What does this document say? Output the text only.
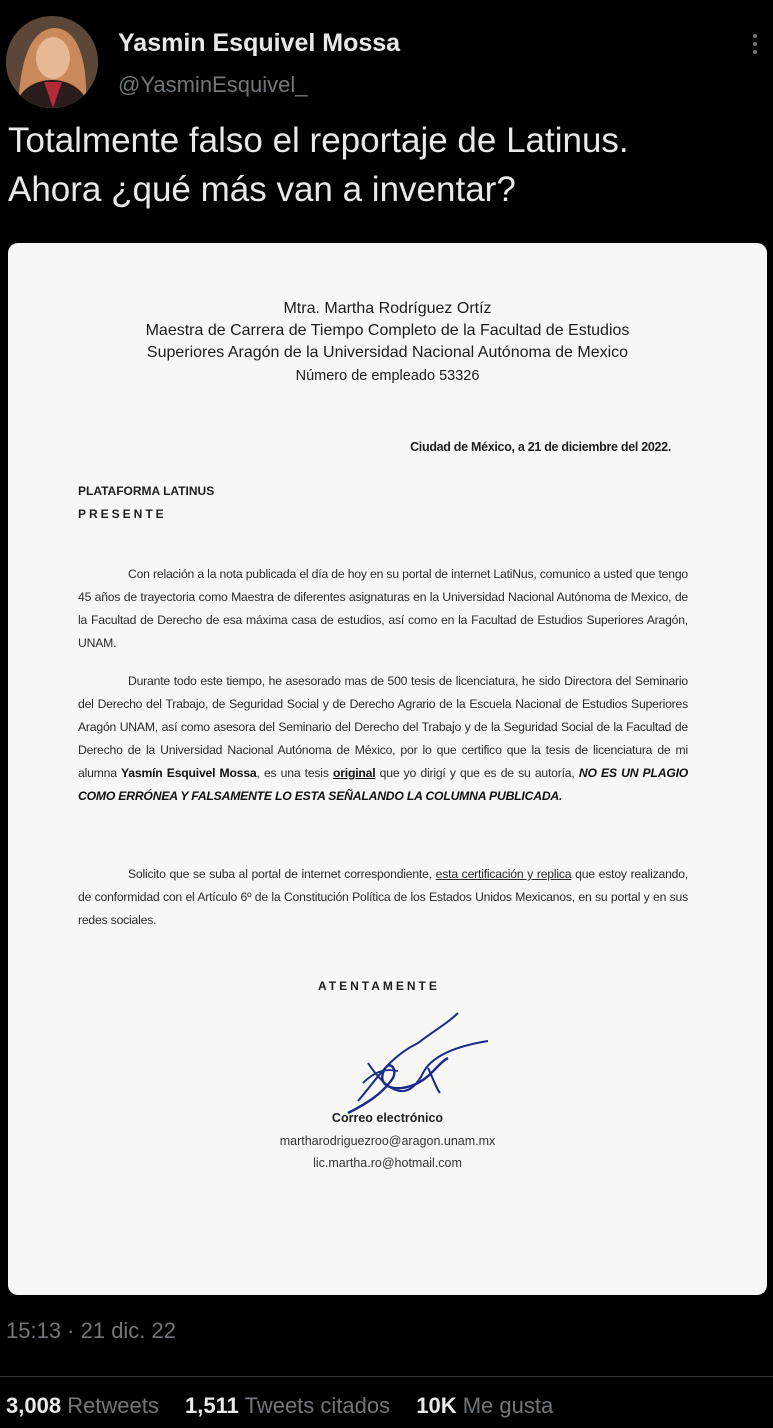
Yasmin Esquivel Mossa
@YasminEsquivel_
Totalmente falso el reportaje de Latinus.
Ahora ¿qué más van a inventar?
Mtra. Martha Rodríguez Ortíz
Maestra de Carrera de Tiempo Completo de la Facultad de Estudios
Superiores Aragón de la Universidad Nacional Autónoma de Mexico
Número de empleado 53326
Ciudad de México, a 21 de diciembre del 2022.
PLATAFORMA LATINUS
PRESENTE
Con relación a la nota publicada el día de hoy en su portal de internet LatiNus, comunico a usted que tengo 45 años de trayectoria como Maestra de diferentes asignaturas en la Universidad Nacional Autónoma de Mexico, de la Facultad de Derecho de esa máxima casa de estudios, así como en la Facultad de Estudios Superiores Aragón, UNAM.
Durante todo este tiempo, he asesorado mas de 500 tesis de licenciatura, he sido Directora del Seminario del Derecho del Trabajo, de Seguridad Social y de Derecho Agrario de la Escuela Nacional de Estudios Superiores Aragón UNAM, así como asesora del Seminario del Derecho del Trabajo y de la Seguridad Social de la Facultad de Derecho de la Universidad Nacional Autónoma de México, por lo que certifico que la tesis de licenciatura de mi alumna Yasmín Esquivel Mossa, es una tesis original que yo dirigí y que es de su autoría, NO ES UN PLAGIO COMO ERRÓNEA Y FALSAMENTE LO ESTA SEÑALANDO LA COLUMNA PUBLICADA.
Solicito que se suba al portal de internet correspondiente, esta certificación y replica que estoy realizando, de conformidad con el Artículo 6º de la Constitución Política de los Estados Unidos Mexicanos, en su portal y en sus redes sociales.
ATENTAMENTE
Correo electrónico
martharodriguezroo@aragon.unam.mx
lic.martha.ro@hotmail.com
15:13 · 21 dic. 22
3,008 Retweets 1,511 Tweets citados 10K Me gusta
